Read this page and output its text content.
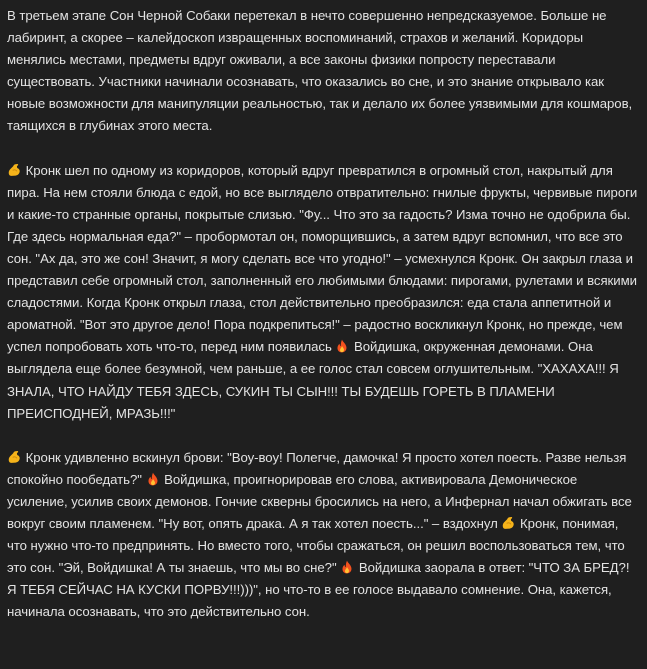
В третьем этапе Сон Черной Собаки перетекал в нечто совершенно непредсказуемое. Больше не лабиринт, а скорее – калейдоскоп извращенных воспоминаний, страхов и желаний. Коридоры менялись местами, предметы вдруг оживали, а все законы физики попросту переставали существовать. Участники начинали осознавать, что оказались во сне, и это знание открывало как новые возможности для манипуляции реальностью, так и делало их более уязвимыми для кошмаров, таящихся в глубинах этого места.

Кронк шел по одному из коридоров, который вдруг превратился в огромный стол, накрытый для пира. На нем стояли блюда с едой, но все выглядело отвратительно: гнилые фрукты, червивые пироги и какие-то странные органы, покрытые слизью. "Фу... Что это за гадость? Изма точно не одобрила бы. Где здесь нормальная еда?" – пробормотал он, поморщившись, а затем вдруг вспомнил, что все это сон. "Ах да, это же сон! Значит, я могу сделать все что угодно!" – усмехнулся Кронк. Он закрыл глаза и представил себе огромный стол, заполненный его любимыми блюдами: пирогами, рулетами и всякими сладостями. Когда Кронк открыл глаза, стол действительно преобразился: еда стала аппетитной и ароматной. "Вот это другое дело! Пора подкрепиться!" – радостно воскликнул Кронк, но прежде, чем успел попробовать хоть что-то, перед ним появилась
Войдишка, окруженная демонами. Она выглядела еще более безумной, чем раньше, а ее голос стал совсем оглушительным. "ХАХАХА!!! Я ЗНАЛА, ЧТО НАЙДУ ТЕБЯ ЗДЕСЬ, СУКИН ТЫ СЫН!!! ТЫ БУДЕШЬ ГОРЕТЬ В ПЛАМЕНИ ПРЕИСПОДНЕЙ, МРАЗЬ!!!"

Кронк удивленно вскинул брови: "Воу-воу! Полегче, дамочка! Я просто хотел поесть. Разве нельзя спокойно пообедать?"
Войдишка, проигнорировав его слова, активировала Демоническое усиление, усилив своих демонов. Гончие скверны бросились на него, а Инфернал начал обжигать все вокруг своим пламенем. "Ну вот, опять драка. А я так хотел поесть..." – вздохнул
Кронк, понимая, что нужно что-то предпринять. Но вместо того, чтобы сражаться, он решил воспользоваться тем, что это сон. "Эй, Войдишка! А ты знаешь, что мы во сне?"
Войдишка заорала в ответ: "ЧТО ЗА БРЕД?! Я ТЕБЯ СЕЙЧАС НА КУСКИ ПОРВУ!!!)))", но что-то в ее голосе выдавало сомнение. Она, кажется, начинала осознавать, что это действительно сон.
